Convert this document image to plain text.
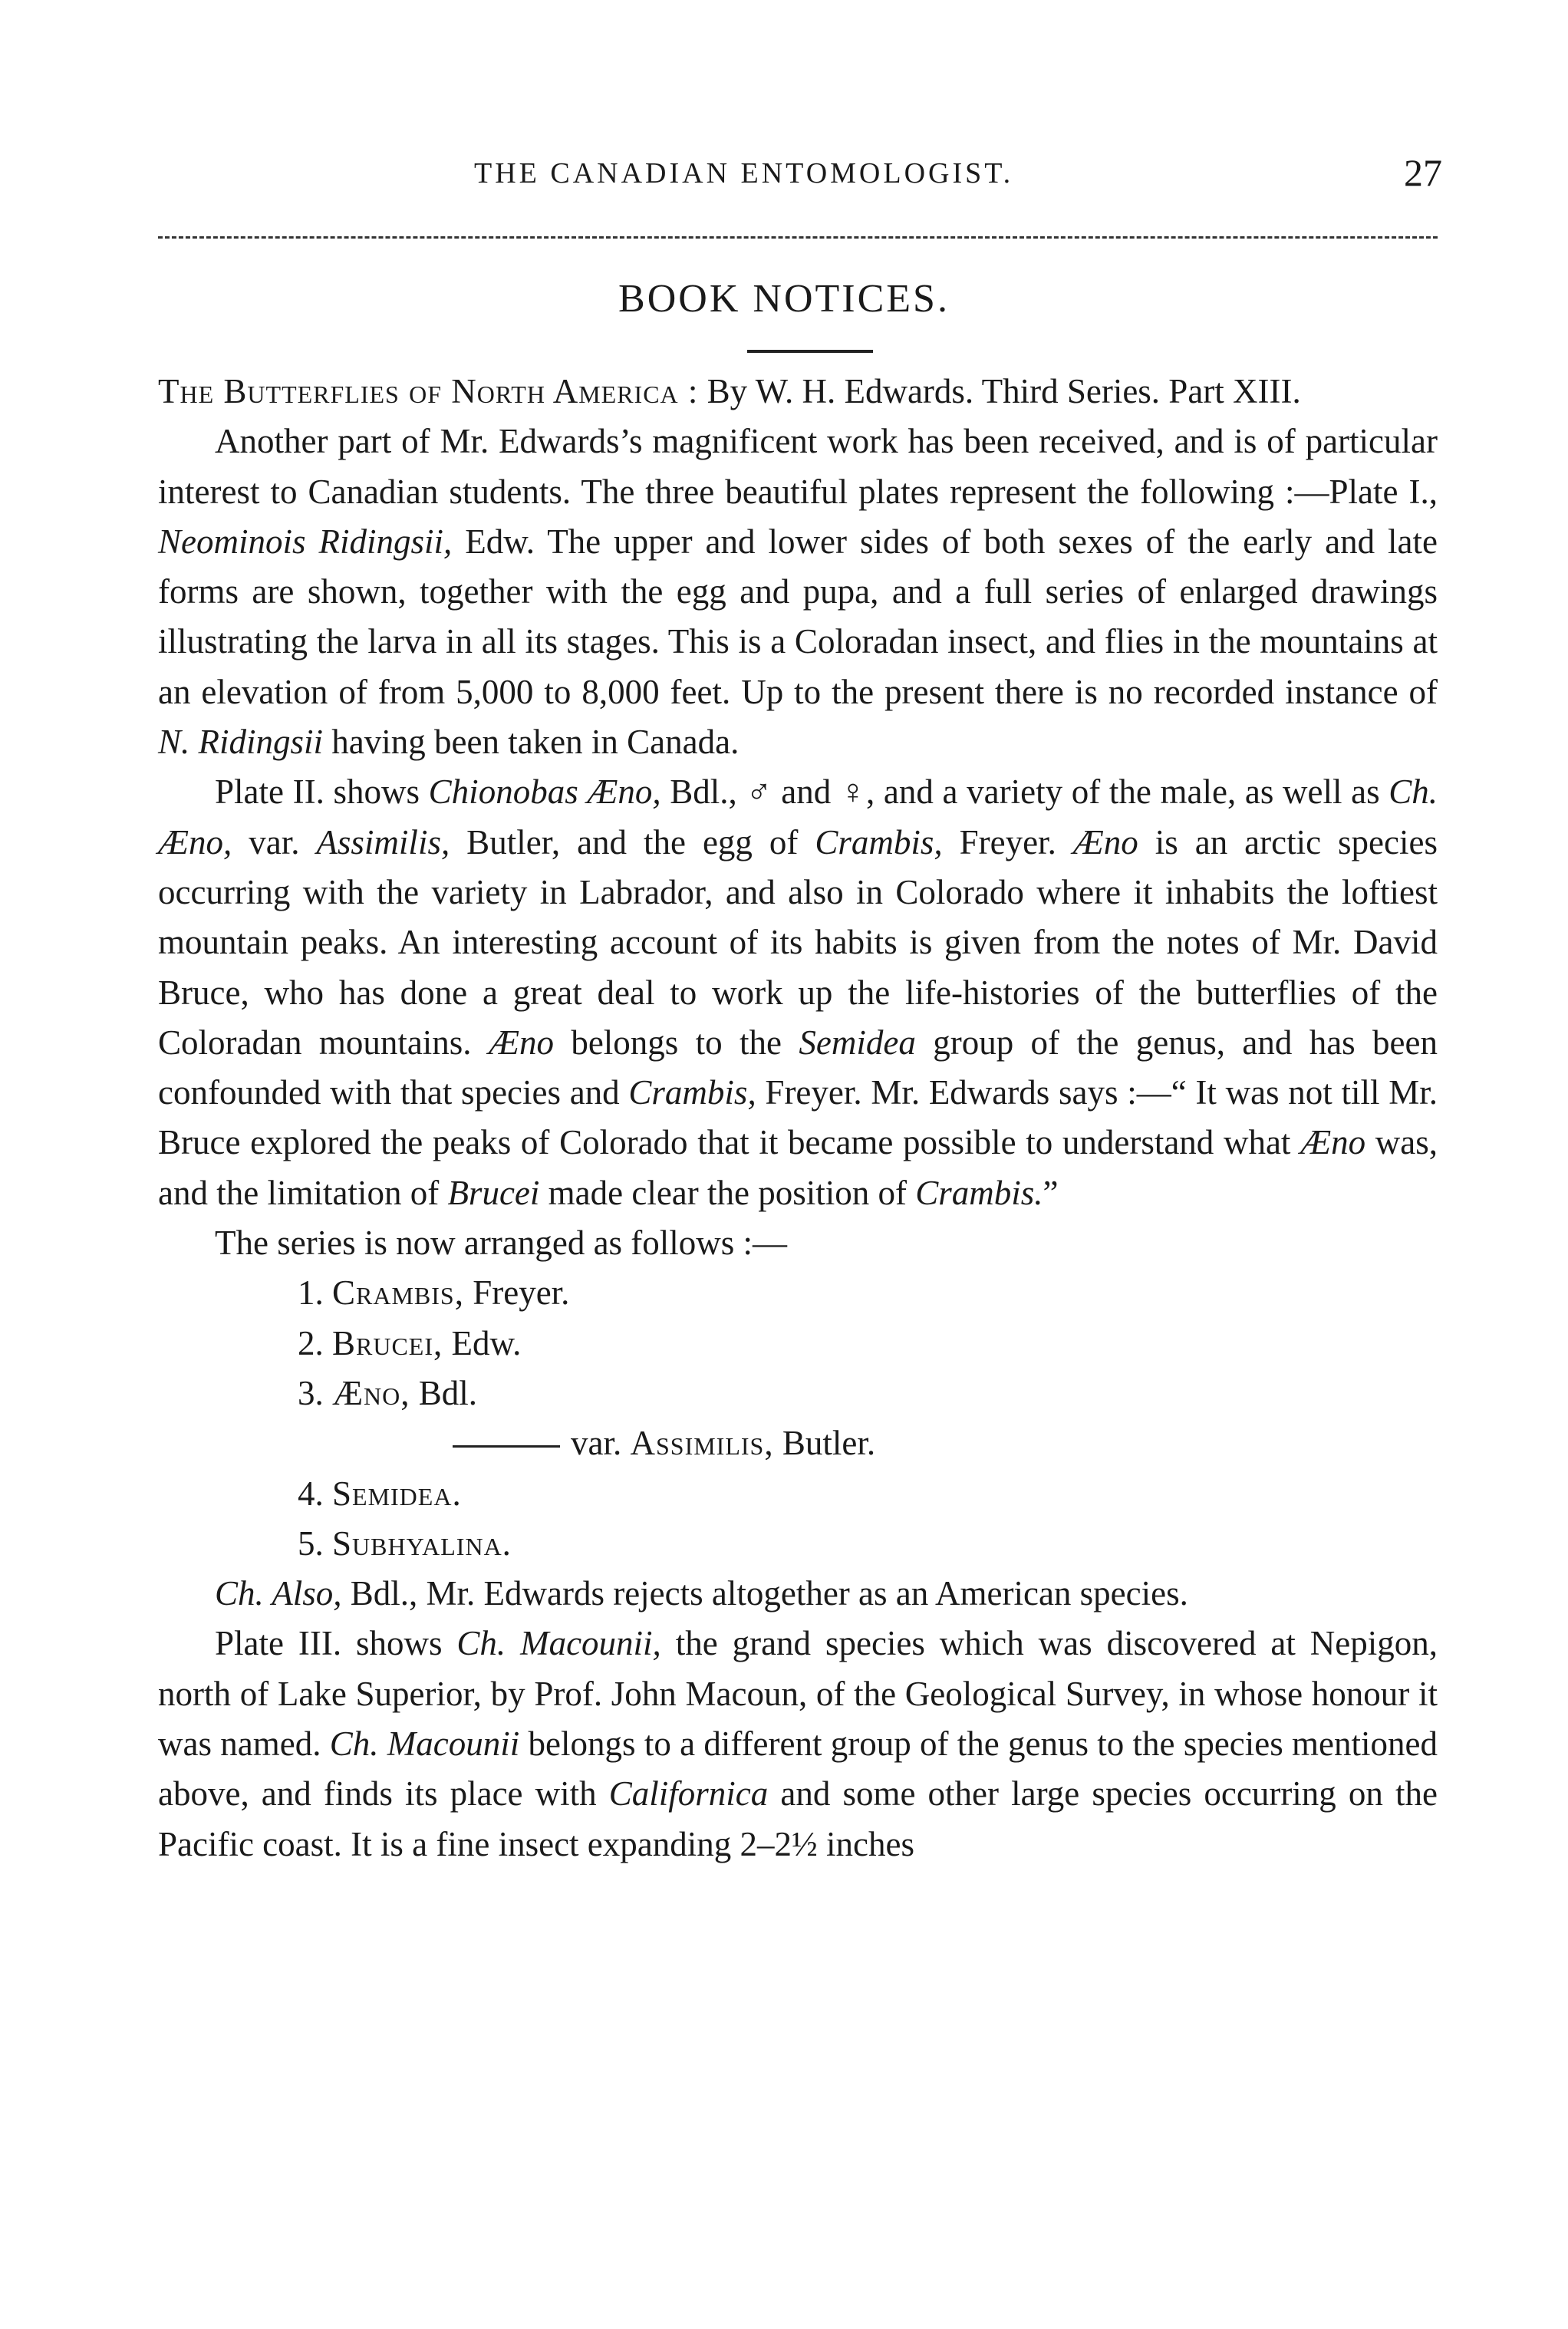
THE CANADIAN ENTOMOLOGIST.	27
BOOK NOTICES.

The Butterflies of North America : By W. H. Edwards. Third Series. Part XIII.

Another part of Mr. Edwards’s magnificent work has been received, and is of particular interest to Canadian students. The three beautiful plates represent the following :—Plate I., Neominois Ridingsii, Edw. The upper and lower sides of both sexes of the early and late forms are shown, together with the egg and pupa, and a full series of enlarged drawings illustrating the larva in all its stages. This is a Coloradan insect, and flies in the mountains at an elevation of from 5,000 to 8,000 feet. Up to the present there is no recorded instance of N. Ridingsii having been taken in Canada.

Plate II. shows Chionobas Æno, Bdl., ♂ and ♀, and a variety of the male, as well as Ch. Æno, var. Assimilis, Butler, and the egg of Crambis, Freyer. Æno is an arctic species occurring with the variety in Labrador, and also in Colorado where it inhabits the loftiest mountain peaks. An interesting account of its habits is given from the notes of Mr. David Bruce, who has done a great deal to work up the life-histories of the butterflies of the Coloradan mountains. Æno belongs to the Semidea group of the genus, and has been confounded with that species and Crambis, Freyer. Mr. Edwards says :—“ It was not till Mr. Bruce explored the peaks of Colorado that it became possible to understand what Æno was, and the limitation of Brucei made clear the position of Crambis.”

The series is now arranged as follows :—

1. Crambis, Freyer.
2. Brucei, Edw.
3. Æno, Bdl.
var. Assimilis, Butler.
4. Semidea.
5. Subhyalina.

Ch. Also, Bdl., Mr. Edwards rejects altogether as an American species.

Plate III. shows Ch. Macounii, the grand species which was discovered at Nepigon, north of Lake Superior, by Prof. John Macoun, of the Geological Survey, in whose honour it was named. Ch. Macounii belongs to a different group of the genus to the species mentioned above, and finds its place with Californica and some other large species occurring on the Pacific coast. It is a fine insect expanding 2–2½ inches
